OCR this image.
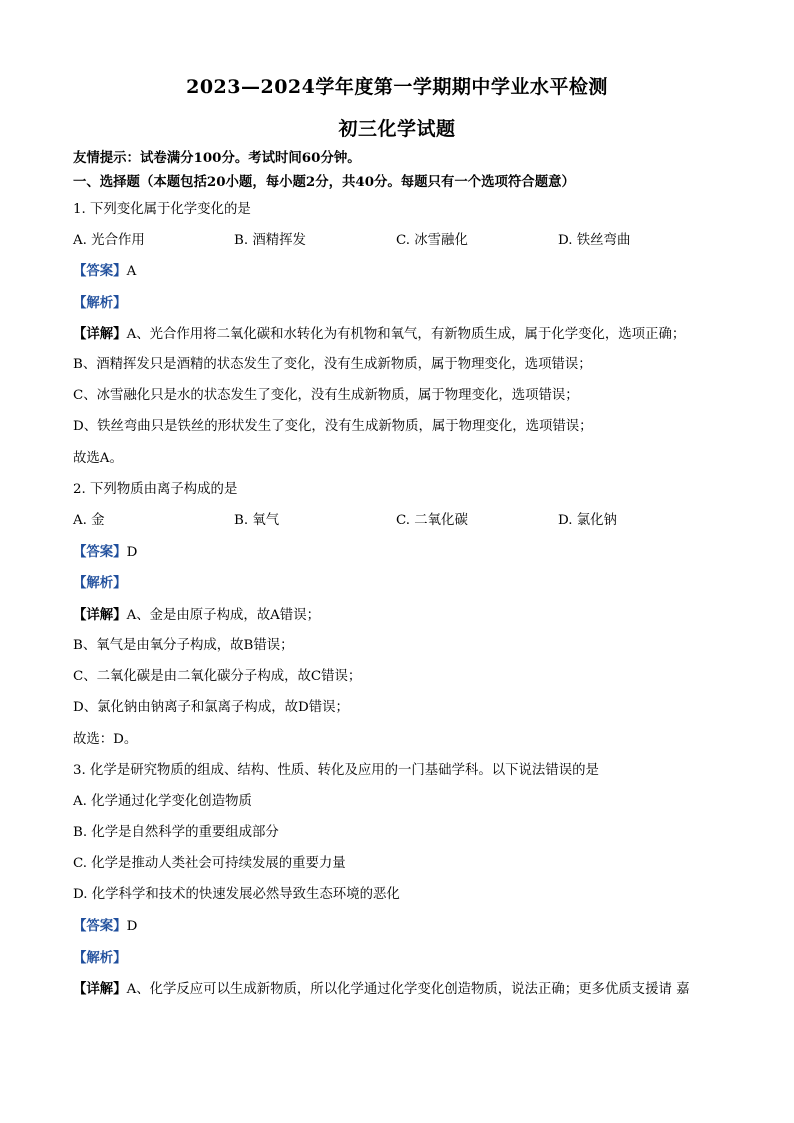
2023—2024学年度第一学期期中学业水平检测
初三化学试题
友情提示：试卷满分100分。考试时间60分钟。
一、选择题（本题包括20小题，每小题2分，共40分。每题只有一个选项符合题意）
1. 下列变化属于化学变化的是
A. 光合作用	B. 酒精挥发	C. 冰雪融化	D. 铁丝弯曲
【答案】A
【解析】
【详解】A、光合作用将二氧化碳和水转化为有机物和氧气，有新物质生成，属于化学变化，选项正确；
B、酒精挥发只是酒精的状态发生了变化，没有生成新物质，属于物理变化，选项错误；
C、冰雪融化只是水的状态发生了变化，没有生成新物质，属于物理变化，选项错误；
D、铁丝弯曲只是铁丝的形状发生了变化，没有生成新物质，属于物理变化，选项错误；
故选A。
2. 下列物质由离子构成的是
A. 金	B. 氧气	C. 二氧化碳	D. 氯化钠
【答案】D
【解析】
【详解】A、金是由原子构成，故A错误；
B、氧气是由氧分子构成，故B错误；
C、二氧化碳是由二氧化碳分子构成，故C错误；
D、氯化钠由钠离子和氯离子构成，故D错误；
故选：D。
3. 化学是研究物质的组成、结构、性质、转化及应用的一门基础学科。以下说法错误的是
A. 化学通过化学变化创造物质
B. 化学是自然科学的重要组成部分
C. 化学是推动人类社会可持续发展的重要力量
D. 化学科学和技术的快速发展必然导致生态环境的恶化
【答案】D
【解析】
【详解】A、化学反应可以生成新物质，所以化学通过化学变化创造物质，说法正确；更多优质支援请 嘉
